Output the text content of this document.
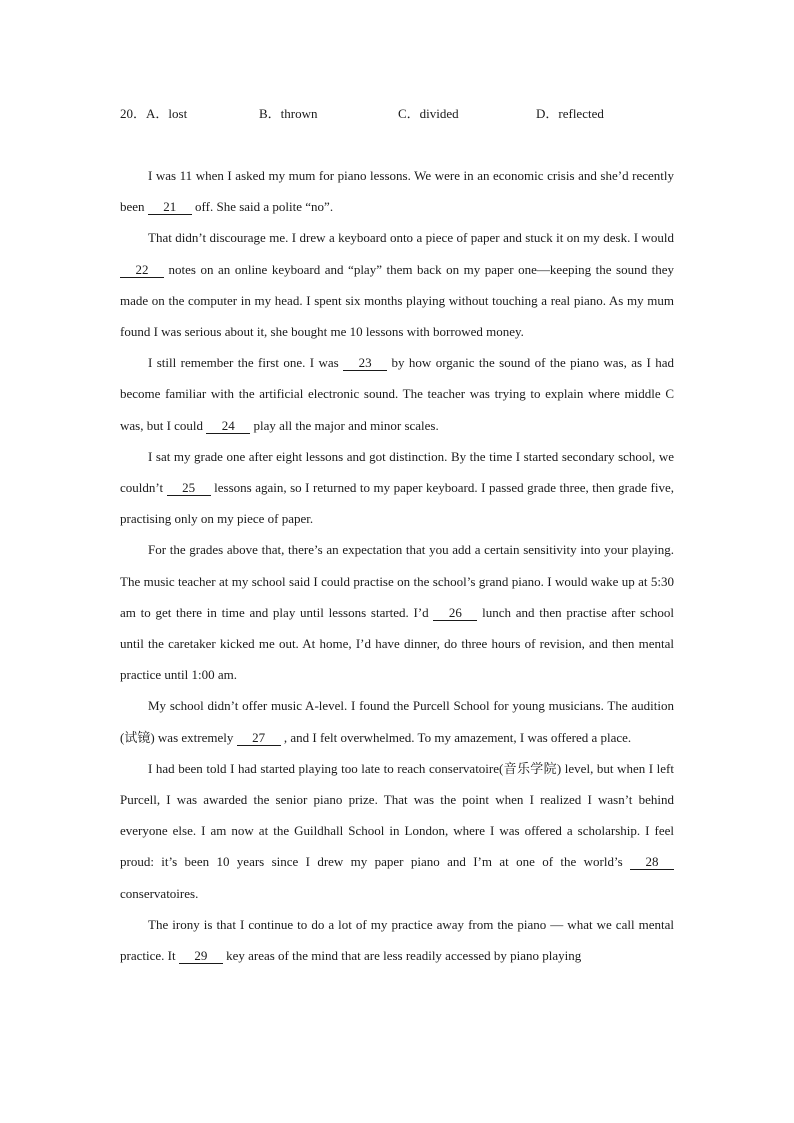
20．A．lost	B．thrown	C．divided	D．reflected

I was 11 when I asked my mum for piano lessons. We were in an economic crisis and she’d recently been 21 off. She said a polite “no”.

That didn’t discourage me. I drew a keyboard onto a piece of paper and stuck it on my desk. I would 22 notes on an online keyboard and “play” them back on my paper one—keeping the sound they made on the computer in my head. I spent six months playing without touching a real piano. As my mum found I was serious about it, she bought me 10 lessons with borrowed money.

I still remember the first one. I was 23 by how organic the sound of the piano was, as I had become familiar with the artificial electronic sound. The teacher was trying to explain where middle C was, but I could 24 play all the major and minor scales.

I sat my grade one after eight lessons and got distinction. By the time I started secondary school, we couldn’t 25 lessons again, so I returned to my paper keyboard. I passed grade three, then grade five, practising only on my piece of paper.

For the grades above that, there’s an expectation that you add a certain sensitivity into your playing. The music teacher at my school said I could practise on the school’s grand piano. I would wake up at 5:30 am to get there in time and play until lessons started. I’d 26 lunch and then practise after school until the caretaker kicked me out. At home, I’d have dinner, do three hours of revision, and then mental practice until 1:00 am.

My school didn’t offer music A-level. I found the Purcell School for young musicians. The audition (试镜) was extremely 27 , and I felt overwhelmed. To my amazement, I was offered a place.

I had been told I had started playing too late to reach conservatoire(音乐学院) level, but when I left Purcell, I was awarded the senior piano prize. That was the point when I realized I wasn’t behind everyone else. I am now at the Guildhall School in London, where I was offered a scholarship. I feel proud: it’s been 10 years since I drew my paper piano and I’m at one of the world’s 28 conservatoires.

The irony is that I continue to do a lot of my practice away from the piano — what we call mental practice. It 29 key areas of the mind that are less readily accessed by piano playing
